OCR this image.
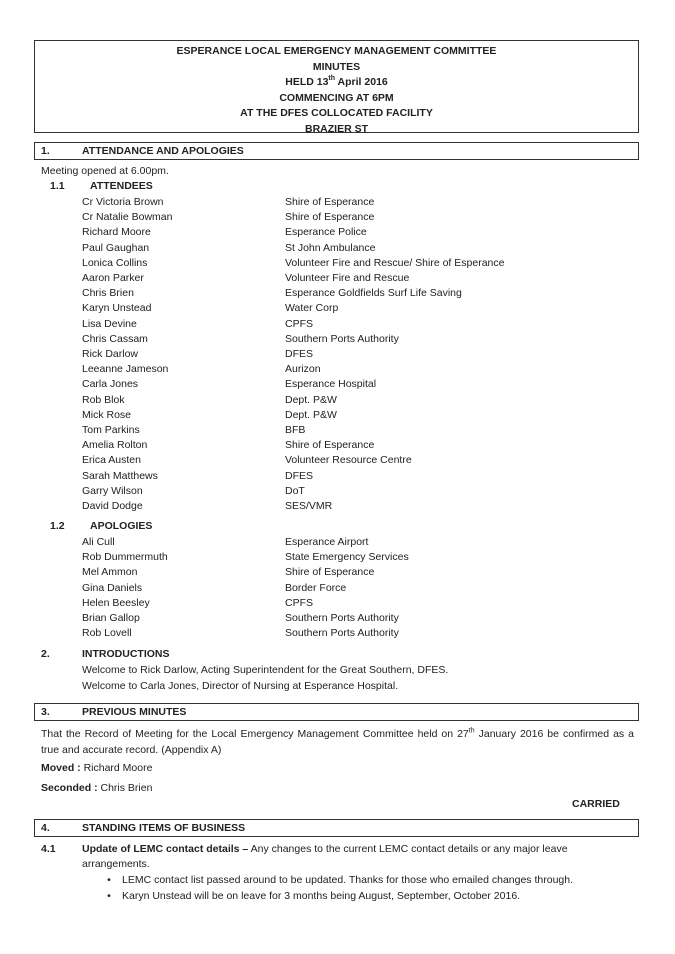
ESPERANCE LOCAL EMERGENCY MANAGEMENT COMMITTEE
MINUTES
HELD 13th April 2016
COMMENCING AT 6PM
AT THE DFES COLLOCATED FACILITY
BRAZIER ST
1.	ATTENDANCE AND APOLOGIES
Meeting opened at 6.00pm.
1.1 ATTENDEES
Cr Victoria Brown	Shire of Esperance
Cr Natalie Bowman	Shire of Esperance
Richard Moore	Esperance Police
Paul Gaughan	St John Ambulance
Lonica Collins	Volunteer Fire and Rescue/ Shire of Esperance
Aaron Parker	Volunteer Fire and Rescue
Chris Brien	Esperance Goldfields Surf Life Saving
Karyn Unstead	Water Corp
Lisa Devine	CPFS
Chris Cassam	Southern Ports Authority
Rick Darlow	DFES
Leeanne Jameson	Aurizon
Carla Jones	Esperance Hospital
Rob Blok	Dept. P&W
Mick Rose	Dept. P&W
Tom Parkins	BFB
Amelia Rolton	Shire of Esperance
Erica Austen	Volunteer Resource Centre
Sarah Matthews	DFES
Garry Wilson	DoT
David Dodge	SES/VMR
1.2 APOLOGIES
Ali Cull	Esperance Airport
Rob Dummermuth	State Emergency Services
Mel Ammon	Shire of Esperance
Gina Daniels	Border Force
Helen Beesley	CPFS
Brian Gallop	Southern Ports Authority
Rob Lovell	Southern Ports Authority
2.	INTRODUCTIONS
Welcome to Rick Darlow, Acting Superintendent for the Great Southern, DFES.
Welcome to Carla Jones, Director of Nursing at Esperance Hospital.
3.	PREVIOUS MINUTES
That the Record of Meeting for the Local Emergency Management Committee held on 27th January 2016 be confirmed as a true and accurate record. (Appendix A)
Moved : Richard Moore
Seconded : Chris Brien
CARRIED
4.	STANDING ITEMS OF BUSINESS
4.1	Update of LEMC contact details – Any changes to the current LEMC contact details or any major leave
arrangements.
•	LEMC contact list passed around to be updated. Thanks for those who emailed changes through.
•	Karyn Unstead will be on leave for 3 months being August, September, October 2016.
